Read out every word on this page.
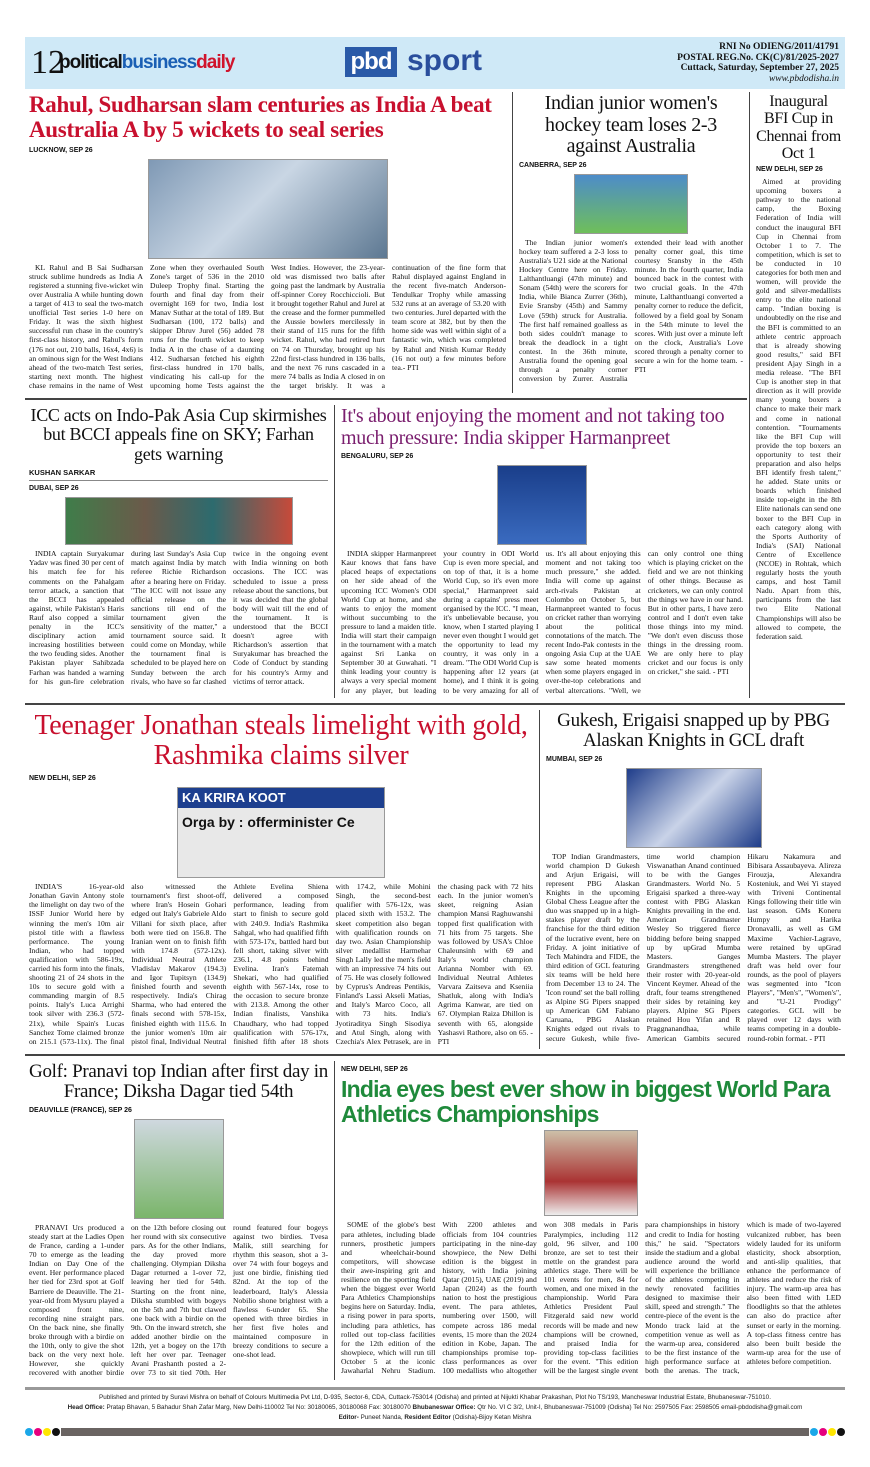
12
politicalbusinessdaily	pbd sport	RNI No ODIENG/2011/41791
POSTAL REG.No. CK(C)/81/2025-2027
Cuttack, Saturday, September 27, 2025
www.pbdodisha.in
Rahul, Sudharsan slam centuries as India A beat Australia A by 5 wickets to seal series
LUCKNOW, SEP 26
KL Rahul and B Sai Sudharsan struck sublime hundreds as India A registered a stunning five-wicket win over Australia A while hunting down a target of 413 to seal the two-match unofficial Test series 1-0 here on Friday. It was the sixth highest successful run chase in the country's first-class history, and Rahul's form (176 not out, 210 balls, 16x4, 4x6) is an ominous sign for the West Indians ahead of the two-match Test series, starting next month. The highest chase remains in the name of West Zone when they overhauled South Zone's target of 536 in the 2010 Duleep Trophy final. Starting the fourth and final day from their overnight 169 for two, India lost Manav Suthar at the total of 189. But Sudharsan (100, 172 balls) and skipper Dhruv Jurel (56) added 78 runs for the fourth wicket to keep India A in the chase of a daunting 412. Sudharsan fetched his eighth first-class hundred in 170 balls, vindicating his call-up for the upcoming home Tests against the West Indies. However, the 23-year-old was dismissed two balls after going past the landmark by Australia off-spinner Corey Rocchiccioli. But it brought together Rahul and Jurel at the crease and the former pummelled the Aussie bowlers mercilessly in their stand of 115 runs for the fifth wicket. Rahul, who had retired hurt on 74 on Thursday, brought up his 22nd first-class hundred in 136 balls, and the next 76 runs cascaded in a mere 74 balls as India A closed in on the target briskly. It was a continuation of the fine form that Rahul displayed against England in the recent five-match Anderson-Tendulkar Trophy while amassing 532 runs at an average of 53.20 with two centuries. Jurel departed with the team score at 382, but by then the home side was well within sight of a fantastic win, which was completed by Rahul and Nitish Kumar Reddy (16 not out) a few minutes before tea.- PTI
Indian junior women's hockey team loses 2-3 against Australia
CANBERRA, SEP 26
The Indian junior women's hockey team suffered a 2-3 loss to Australia's U21 side at the National Hockey Centre here on Friday. Lalthantluangi (47th minute) and Sonam (54th) were the scorers for India, while Bianca Zurrer (36th), Evie Sransby (45th) and Sammy Love (59th) struck for Australia. The first half remained goalless as both sides couldn't manage to break the deadlock in a tight contest. In the 36th minute, Australia found the opening goal through a penalty corner conversion by Zurrer. Australia extended their lead with another penalty corner goal, this time courtesy Sransby in the 45th minute. In the fourth quarter, India bounced back in the contest with two crucial goals. In the 47th minute, Lalthantluangi converted a penalty corner to reduce the deficit, followed by a field goal by Sonam in the 54th minute to level the scores. With just over a minute left on the clock, Australia's Love scored through a penalty corner to secure a win for the home team. - PTI
ICC acts on Indo-Pak Asia Cup skirmishes but BCCI appeals fine on SKY; Farhan gets warning
KUSHAN SARKAR
DUBAI, SEP 26
INDIA captain Suryakumar Yadav was fined 30 per cent of his match fee for his comments on the Pahalgam terror attack, a sanction that the BCCI has appealed against, while Pakistan's Haris Rauf also copped a similar penalty in the ICC's disciplinary action amid increasing hostilities between the two feuding sides. Another Pakistan player Sahibzada Farhan was handed a warning for his gun-fire celebration during last Sunday's Asia Cup match against India by match referee Richie Richardson after a hearing here on Friday. "The ICC will not issue any official release on the sanctions till end of the tournament given the sensitivity of the matter," a tournament source said. It could come on Monday, while the tournament final is scheduled to be played here on Sunday between the arch rivals, who have so far clashed twice in the ongoing event with India winning on both occasions. The ICC was scheduled to issue a press release about the sanctions, but it was decided that the global body will wait till the end of the tournament. It is understood that the BCCI doesn't agree with Richardson's assertion that Suryakumar has breached the Code of Conduct by standing for his country's Army and victims of terror attack.
It's about enjoying the moment and not taking too much pressure: India skipper Harmanpreet
BENGALURU, SEP 26
INDIA skipper Harmanpreet Kaur knows that fans have placed heaps of expectations on her side ahead of the upcoming ICC Women's ODI World Cup at home, and she wants to enjoy the moment without succumbing to the pressure to land a maiden title. India will start their campaign in the tournament with a match against Sri Lanka on September 30 at Guwahati. "I think leading your country is always a very special moment for any player, but leading your country in ODI World Cup is even more special, and on top of that, it is a home World Cup, so it's even more special," Harmanpreet said during a captains' press meet organised by the ICC. "I mean, it's unbelievable because, you know, when I started playing I never even thought I would get the opportunity to lead my country, it was only in a dream. "The ODI World Cup is happening after 12 years (at home), and I think it is going to be very amazing for all of us. It's all about enjoying this moment and not taking too much pressure," she added. India will come up against arch-rivals Pakistan at Colombo on October 5, but Harmanpreet wanted to focus on cricket rather than worrying about the political connotations of the match. The recent Indo-Pak contests in the ongoing Asia Cup at the UAE saw some heated moments when some players engaged in over-the-top celebrations and verbal altercations. "Well, we can only control one thing which is playing cricket on the field and we are not thinking of other things. Because as cricketers, we can only control the things we have in our hand. But in other parts, I have zero control and I don't even take those things into my mind. "We don't even discuss those things in the dressing room. We are only here to play cricket and our focus is only on cricket," she said. - PTI
Inaugural BFI Cup in Chennai from Oct 1
NEW DELHI, SEP 26
Aimed at providing upcoming boxers a pathway to the national camp, the Boxing Federation of India will conduct the inaugural BFI Cup in Chennai from October 1 to 7. The competition, which is set to be conducted in 10 categories for both men and women, will provide the gold and silver-medallists entry to the elite national camp. "Indian boxing is undoubtedly on the rise and the BFI is committed to an athlete centric approach that is already showing good results," said BFI president Ajay Singh in a media release. "The BFI Cup is another step in that direction as it will provide many young boxers a chance to make their mark and come in national contention. "Tournaments like the BFI Cup will provide the top boxers an opportunity to test their preparation and also helps BFI identify fresh talent," he added. State units or boards which finished inside top-eight in the 8th Elite nationals can send one boxer to the BFI Cup in each category along with the Sports Authority of India's (SAI) National Centre of Excellence (NCOE) in Rohtak, which regularly hosts the youth camps, and host Tamil Nadu. Apart from this, participants from the last two Elite National Championships will also be allowed to compete, the federation said.
Teenager Jonathan steals limelight with gold, Rashmika claims silver
NEW DELHI, SEP 26
KA KRIRA KOOT
Orga by : offerminister Ce
INDIA'S 16-year-old Jonathan Gavin Antony stole the limelight on day two of the ISSF Junior World here by winning the men's 10m air pistol title with a flawless performance. The young Indian, who had topped qualification with 586-19x, carried his form into the finals, shooting 21 of 24 shots in the 10s to secure gold with a commanding margin of 8.5 points. Italy's Luca Arrighi took silver with 236.3 (572-21x), while Spain's Lucas Sanchez Tome claimed bronze on 215.1 (573-11x). The final also witnessed the tournament's first shoot-off, where Iran's Hosein Gohari edged out Italy's Gabriele Aldo Villani for sixth place, after both were tied on 156.8. The Iranian went on to finish fifth with 174.8 (572-12x). Individual Neutral Athlete Vladislav Makarov (194.3) and Igor Tupitsyn (134.9) finished fourth and seventh respectively. India's Chirag Sharma, who had entered the finals second with 578-15x, finished eighth with 115.6. In the junior women's 10m air pistol final, Individual Neutral Athlete Evelina Shiena delivered a composed performance, leading from start to finish to secure gold with 240.9. India's Rashmika Sahgal, who had qualified fifth with 573-17x, battled hard but fell short, taking silver with 236.1, 4.8 points behind Evelina. Iran's Fatemah Shekari, who had qualified eighth with 567-14x, rose to the occasion to secure bronze with 213.8. Among the other Indian finalists, Vanshika Chaudhary, who had topped qualification with 576-17x, finished fifth after 18 shots with 174.2, while Mohini Singh, the second-best qualifier with 576-12x, was placed sixth with 153.2. The skeet competition also began with qualification rounds on day two. Asian Championship silver medallist Harmehar Singh Lally led the men's field with an impressive 74 hits out of 75. He was closely followed by Cyprus's Andreas Pentikis, Finland's Lassi Akseli Matias, and Italy's Marco Coco, all with 73 hits. India's Jyotiraditya Singh Sisodiya and Atul Singh, along with Czechia's Alex Petrasek, are in the chasing pack with 72 hits each. In the junior women's skeet, reigning Asian champion Mansi Raghuwanshi topped first qualification with 71 hits from 75 targets. She was followed by USA's Chloe Chaleunsinh with 69 and Italy's world champion Arianna Nomber with 69. Individual Neutral Athletes Varvara Zaitseva and Kseniia Shatluk, along with India's Agrima Kanwar, are tied on 67. Olympian Raiza Dhillon is seventh with 65, alongside Yashasvi Rathore, also on 65. - PTI
Gukesh, Erigaisi snapped up by PBG Alaskan Knights in GCL draft
MUMBAI, SEP 26
TOP Indian Grandmasters, world champion D Gukesh and Arjun Erigaisi, will represent PBG Alaskan Knights in the upcoming Global Chess League after the duo was snapped up in a high-stakes player draft by the franchise for the third edition of the lucrative event, here on Friday. A joint initiative of Tech Mahindra and FIDE, the third edition of GCL featuring six teams will be held here from December 13 to 24. The 'Icon round' set the ball rolling as Alpine SG Pipers snapped up American GM Fabiano Caruana, PBG Alaskan Knights edged out rivals to secure Gukesh, while five-time world champion Viswanathan Anand continued to be with the Ganges Grandmasters. World No. 5 Erigaisi sparked a three-way contest with PBG Alaskan Knights prevailing in the end. American Grandmaster Wesley So triggered fierce bidding before being snapped up by upGrad Mumba Masters. Ganges Grandmasters strengthened their roster with 20-year-old Vincent Keymer. Ahead of the draft, four teams strengthened their sides by retaining key players. Alpine SG Pipers retained Hou Yifan and R Praggnanandhaa, while American Gambits secured Hikaru Nakamura and Bibisara Assaubayeva. Alireza Firouzja, Alexandra Kosteniuk, and Wei Yi stayed with Triveni Continental Kings following their title win last season. GMs Koneru Humpy and Harika Dronavalli, as well as GM Maxime Vachier-Lagrave, were retained by upGrad Mumba Masters. The player draft was held over four rounds, as the pool of players was segmented into "Icon Players", "Men's", "Women's", and "U-21 Prodigy" categories. GCL will be played over 12 days with teams competing in a double-round-robin format. - PTI
Golf: Pranavi top Indian after first day in France; Diksha Dagar tied 54th
DEAUVILLE (FRANCE), SEP 26
PRANAVI Urs produced a steady start at the Ladies Open de France, carding a 1-under 70 to emerge as the leading Indian on Day One of the event. Her performance placed her tied for 23rd spot at Golf Barriere de Deauville. The 21-year-old from Mysuru played a composed front nine, recording nine straight pars. On the back nine, she finally broke through with a birdie on the 10th, only to give the shot back on the very next hole. However, she quickly recovered with another birdie on the 12th before closing out her round with six consecutive pars. As for the other Indians, the day proved more challenging. Olympian Diksha Dagar returned a 1-over 72, leaving her tied for 54th. Starting on the front nine, Diksha stumbled with bogeys on the 5th and 7th but clawed one back with a birdie on the 9th. On the inward stretch, she added another birdie on the 12th, yet a bogey on the 17th left her over par. Teenager Avani Prashanth posted a 2-over 73 to sit tied 70th. Her round featured four bogeys against two birdies. Tvesa Malik, still searching for rhythm this season, shot a 3-over 74 with four bogeys and just one birdie, finishing tied 82nd. At the top of the leaderboard, Italy's Alessia Nobilio shone brightest with a flawless 6-under 65. She opened with three birdies in her first five holes and maintained composure in breezy conditions to secure a one-shot lead.
NEW DELHI, SEP 26
India eyes best ever show in biggest World Para Athletics Championships
SOME of the globe's best para athletes, including blade runners, prosthetic jumpers and wheelchair-bound competitors, will showcase their awe-inspiring grit and resilience on the sporting field when the biggest ever World Para Athletics Championships begins here on Saturday. India, a rising power in para sports, including para athletics, has rolled out top-class facilities for the 12th edition of the showpiece, which will run till October 5 at the iconic Jawaharlal Nehru Stadium. With 2200 athletes and officials from 104 countries participating in the nine-day showpiece, the New Delhi edition is the biggest in history, with India joining Qatar (2015), UAE (2019) and Japan (2024) as the fourth nation to host the prestigious event. The para athletes, numbering over 1500, will compete across 186 medal events, 15 more than the 2024 edition in Kobe, Japan. The championships promise top-class performances as over 100 medallists who altogether won 308 medals in Paris Paralympics, including 112 gold, 96 silver, and 100 bronze, are set to test their mettle on the grandest para athletics stage. There will be 101 events for men, 84 for women, and one mixed in the championship. World Para Athletics President Paul Fitzgerald said new world records will be made and new champions will be crowned, and praised India for providing top-class facilities for the event. "This edition will be the largest single event para championships in history and credit to India for hosting this," he said. "Spectators inside the stadium and a global audience around the world will experience the brilliance of the athletes competing in newly renovated facilities designed to maximise their skill, speed and strength." The centre-piece of the event is the Mondo track laid at the competition venue as well as the warm-up area, considered to be the first instance of the high performance surface at both the arenas. The track, which is made of two-layered vulcanized rubber, has been widely lauded for its uniform elasticity, shock absorption, and anti-slip qualities, that enhance the performance of athletes and reduce the risk of injury. The warm-up area has also been fitted with LED floodlights so that the athletes can also do practice after sunset or early in the morning. A top-class fitness centre has also been built beside the warm-up area for the use of athletes before competition.
Published and printed by Suravi Mishra on behalf of Colours Multimedia Pvt Ltd, D-935, Sector-6, CDA, Cuttack-753014 (Odisha) and printed at Nijukti Khabar Prakashan, Plot No TS/193, Mancheswar Industrial Estate, Bhubaneswar-751010.
Head Office: Pratap Bhavan, 5 Bahadur Shah Zafar Marg, New Delhi-110002 Tel No: 30180065, 30180068 Fax: 30180070 Bhubaneswar Office: Qtr No. VI C 3/2, Unit-I, Bhubaneswar-751009 (Odisha) Tel No: 2597505 Fax: 2598505 email-pbdodisha@gmail.com
Editor- Puneet Nanda, Resident Editor (Odisha)-Bijoy Ketan Mishra
